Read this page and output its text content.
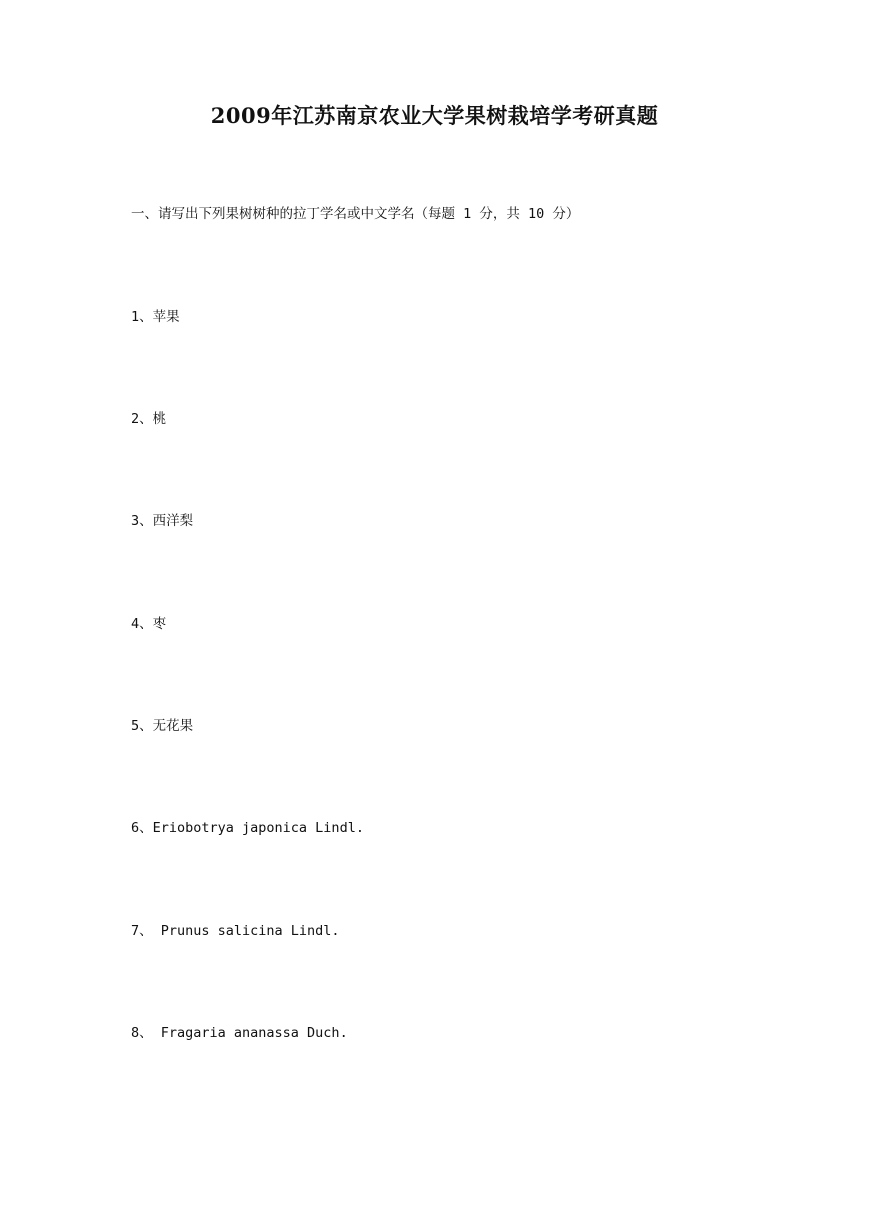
2009年江苏南京农业大学果树栽培学考研真题

一、请写出下列果树树种的拉丁学名或中文学名（每题 1 分，共 10 分）

1、苹果

2、桃

3、西洋梨

4、枣

5、无花果

6、Eriobotrya japonica Lindl.

7、 Prunus salicina Lindl.

8、 Fragaria ananassa Duch.
